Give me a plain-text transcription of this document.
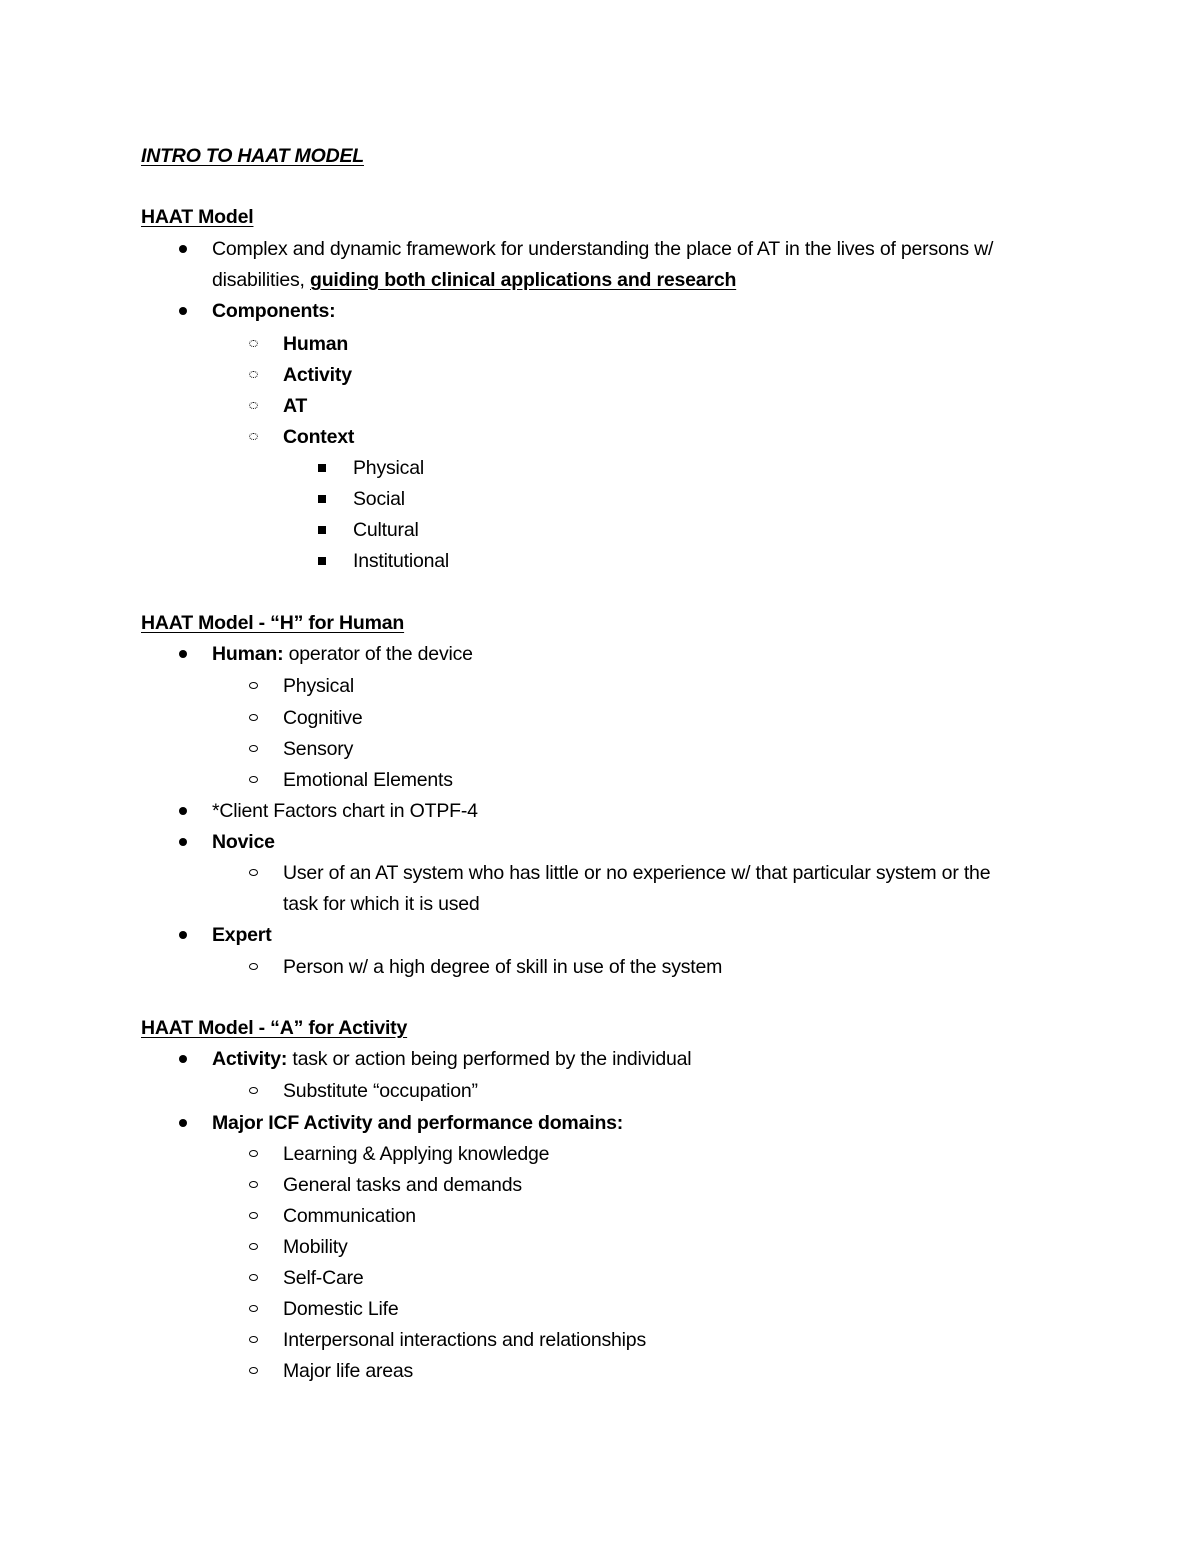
INTRO TO HAAT MODEL
HAAT Model
Complex and dynamic framework for understanding the place of AT in the lives of persons w/
disabilities, guiding both clinical applications and research
Components:
Human
Activity
AT
Context
Physical
Social
Cultural
Institutional
HAAT Model - “H” for Human
Human: operator of the device
Physical
Cognitive
Sensory
Emotional Elements
*Client Factors chart in OTPF-4
Novice
User of an AT system who has little or no experience w/ that particular system or the
task for which it is used
Expert
Person w/ a high degree of skill in use of the system
HAAT Model - “A” for Activity
Activity: task or action being performed by the individual
Substitute “occupation”
Major ICF Activity and performance domains:
Learning & Applying knowledge
General tasks and demands
Communication
Mobility
Self-Care
Domestic Life
Interpersonal interactions and relationships
Major life areas
